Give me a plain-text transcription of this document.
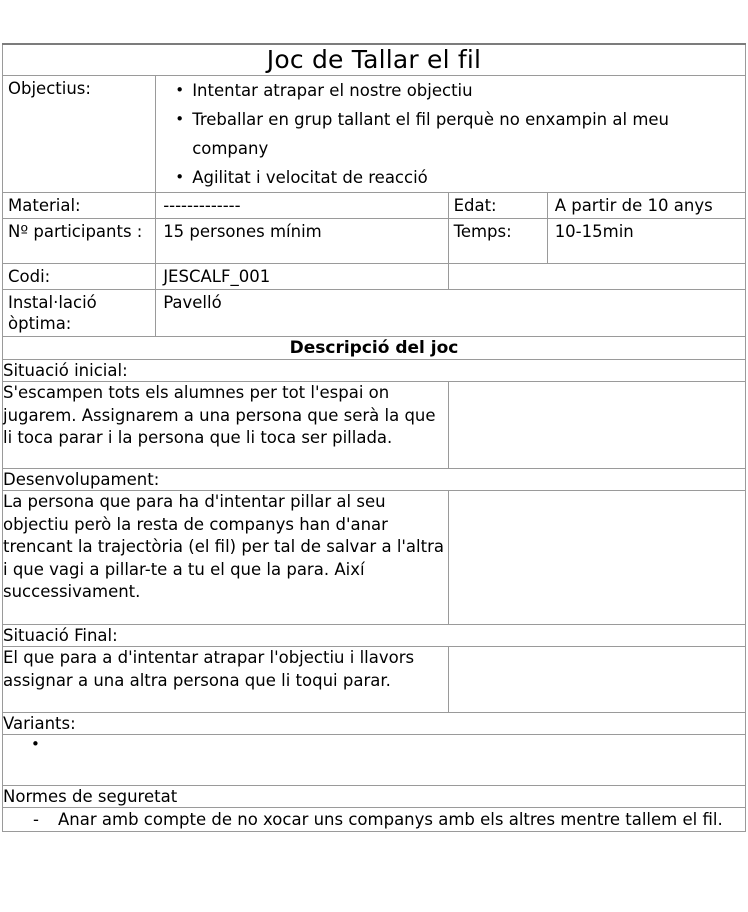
Joc de Tallar el fil			

Objectius:

•Intentar atrapar el nostre objectiu
• Treballar en grup tallant el fil perquè no enxampin al meu company
• Agilitat i velocitat de reacció

Material:	-------------	Edat:	A partir de 10 anys

Nº participants :	15 persones mínim	Temps:	10-15min

Codi:	JESCALF_001		

Instal·lació òptima:	Pavelló		

Descripció del joc			
Situació inicial:			
S'escampen tots els alumnes per tot l'espai on jugarem. Assignarem a una persona que serà la que li toca parar i la persona que li toca ser pillada.			
Desenvolupament:			
La persona que para ha d'intentar pillar al seu objectiu però la resta de companys han d'anar trencant la trajectòria (el fil) per tal de salvar a l'altra i que vagi a pillar-te a tu el que la para. Així successivament.			
Situació Final:			
El que para a d'intentar atrapar l'objectiu i llavors assignar a una altra persona que li toqui parar.			
Variants:			

•

Normes de seguretat			

- Anar amb compte de no xocar uns companys amb els altres mentre tallem el fil.
